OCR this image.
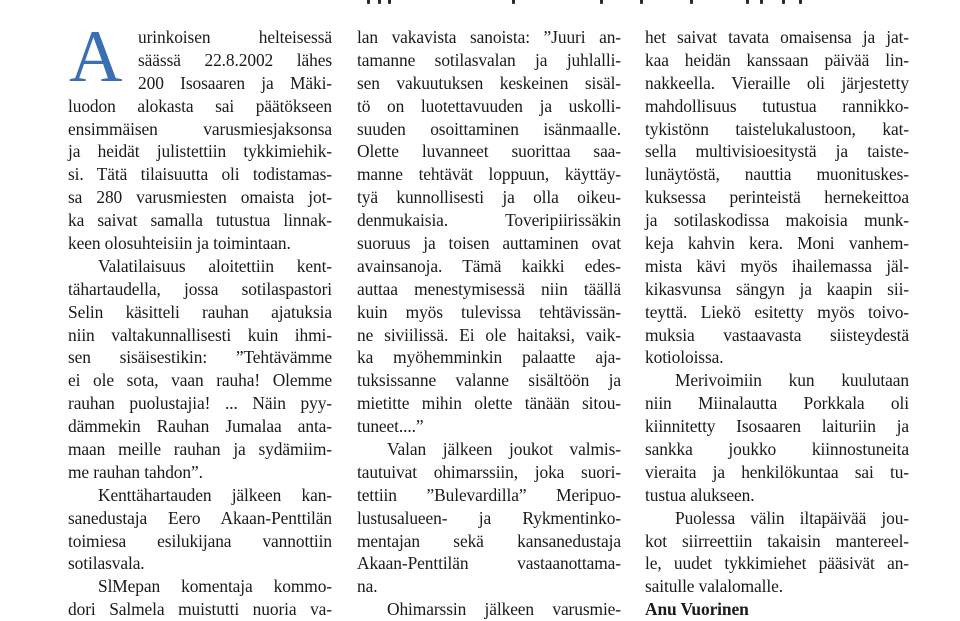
A urinkoisen helteisessä
säässä 22.8.2002 lähes
200 Isosaaren ja Mäki-
luodon alokasta sai päätökseen
ensimmäisen varusmiesjaksonsa
ja heidät julistettiin tykkimiehik-
si. Tätä tilaisuutta oli todistamas-
sa 280 varusmiesten omaista jot-
ka saivat samalla tutustua linnak-
keen olosuhteisiin ja toimintaan.
Valatilaisuus aloitettiin kent-
tähartaudella, jossa sotilaspastori
Selin käsitteli rauhan ajatuksia
niin valtakunnallisesti kuin ihmi-
sen sisäisestikin: ”Tehtävämme
ei ole sota, vaan rauha! Olemme
rauhan puolustajia! ... Näin pyy-
dämmekin Rauhan Jumalaa anta-
maan meille rauhan ja sydämiim-
me rauhan tahdon”.
Kenttähartauden jälkeen kan-
sanedustaja Eero Akaan-Penttilän
toimiesa esilukijana vannottiin
sotilasvala.
SlMepan komentaja kommo-
dori Salmela muistutti nuoria va-
lan vakavista sanoista: ”Juuri an-
tamanne sotilasvalan ja juhlalli-
sen vakuutuksen keskeinen sisäl-
tö on luotettavuuden ja uskolli-
suuden osoittaminen isänmaalle.
Olette luvanneet suorittaa saa-
manne tehtävät loppuun, käyttäy-
tyä kunnollisesti ja olla oikeu-
denmukaisia. Toveripiirissäkin
suoruus ja toisen auttaminen ovat
avainsanoja. Tämä kaikki edes-
auttaa menestymisessä niin täällä
kuin myös tulevissa tehtävissän-
ne siviilissä. Ei ole haitaksi, vaik-
ka myöhemminkin palaatte aja-
tuksissanne valanne sisältöön ja
mietitte mihin olette tänään sitou-
tuneet....”
Valan jälkeen joukot valmis-
tautuivat ohimarssiin, joka suori-
tettiin ”Bulevardilla” Meripuo-
lustusalueen- ja Rykmentinko-
mentajan sekä kansanedustaja
Akaan-Penttilän vastaanottama-
na.
Ohimarssin jälkeen varusmie-
het saivat tavata omaisensa ja jat-
kaa heidän kanssaan päivää lin-
nakkeella. Vieraille oli järjestetty
mahdollisuus tutustua rannikko-
tykistönn taistelukalustoon, kat-
sella multivisioesitystä ja taiste-
lunäytöstä, nauttia muonituskes-
kuksessa perinteistä hernekeittoa
ja sotilaskodissa makoisia munk-
keja kahvin kera. Moni vanhem-
mista kävi myös ihailemassa jäl-
kikasvunsa sängyn ja kaapin sii-
teyttä. Liekö esitetty myös toivo-
muksia vastaavasta siisteydestä
kotioloissa.
Merivoimiin kun kuulutaan
niin Miinalautta Porkkala oli
kiinnitetty Isosaaren laituriin ja
sankka joukko kiinnostuneita
vieraita ja henkilökuntaa sai tu-
tustua alukseen.
Puolessa välin iltapäivää jou-
kot siirreettiin takaisin mantereel-
le, uudet tykkimiehet pääsivät an-
saitulle valalomalle.
Anu Vuorinen
